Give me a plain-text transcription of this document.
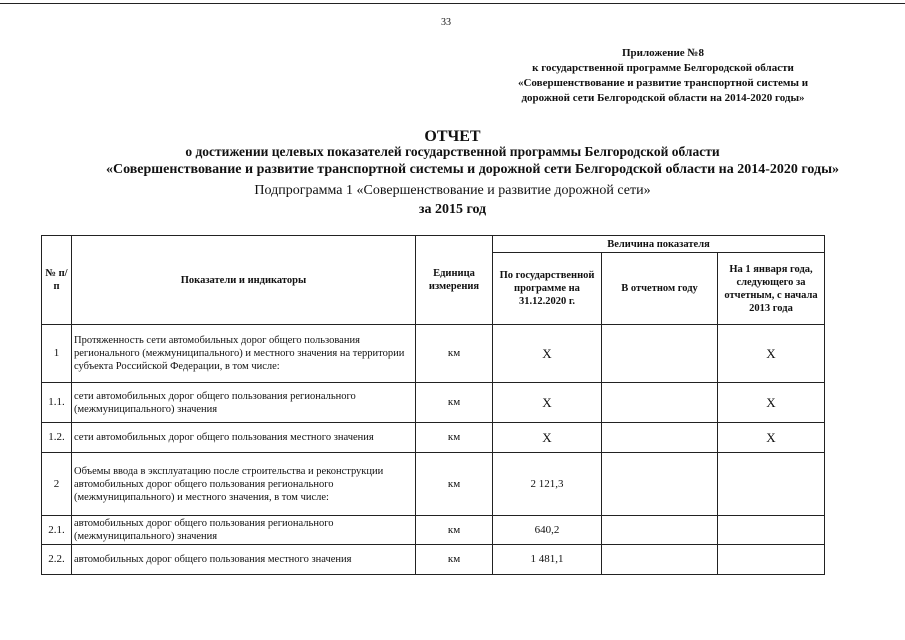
33
Приложение №8
к государственной программе Белгородской области
«Совершенствование и развитие транспортной системы и
дорожной сети Белгородской области на 2014-2020 годы»
ОТЧЕТ
о достижении целевых показателей государственной программы Белгородской области
«Совершенствование и развитие транспортной системы и дорожной сети Белгородской области на 2014-2020 годы»
Подпрограмма 1 «Совершенствование и развитие дорожной сети»
за 2015 год
№ п/п	Показатели и индикаторы	Единица измерения	Величина показателя		
			По государственной программе на 31.12.2020 г.	В отчетном году	На 1 января года, следующего за отчетным, с начала 2013 года
1	Протяженность сети автомобильных дорог общего пользования регионального (межмуниципального) и местного значения на территории субъекта Российской Федерации, в том числе:	км	X		X
1.1.	сети автомобильных дорог общего пользования регионального (межмуниципального) значения	км	X		X
1.2.	сети автомобильных дорог общего пользования местного значения	км	X		X
2	Объемы ввода в эксплуатацию после строительства и реконструкции автомобильных дорог общего пользования регионального (межмуниципального) и местного значения, в том числе:	км	2 121,3		
2.1.	автомобильных дорог общего пользования регионального (межмуниципального) значения	км	640,2		
2.2.	автомобильных дорог общего пользования местного значения	км	1 481,1		
